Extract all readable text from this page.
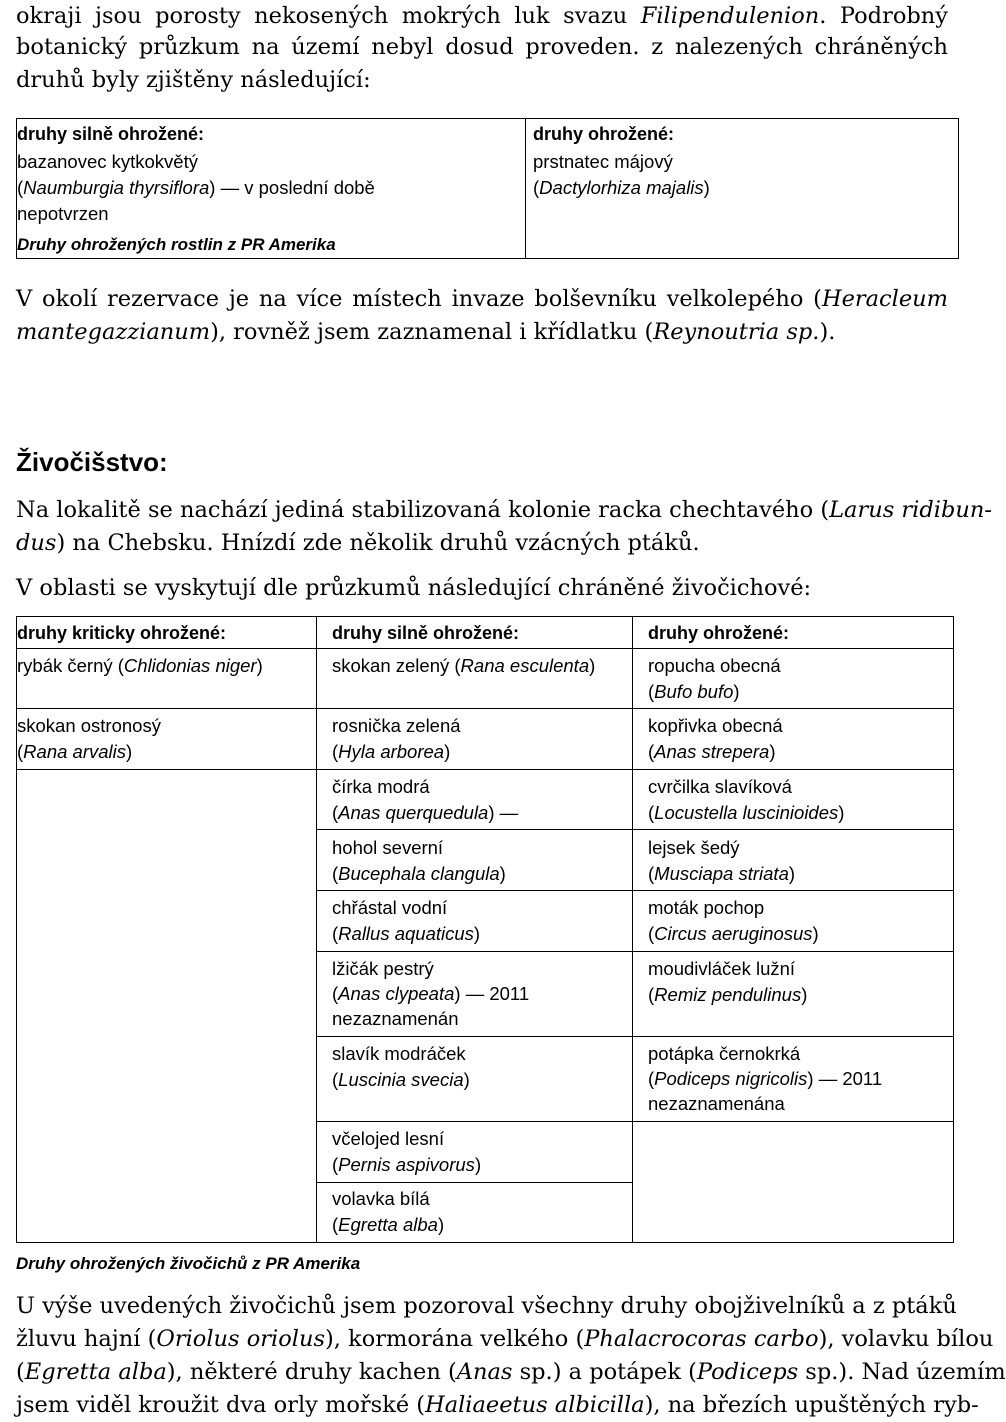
okraji jsou porosty nekosených mokrých luk svazu Filipendulenion. Podrobný
botanický průzkum na území nebyl dosud proveden. z nalezených chráněných
druhů byly zjištěny následující:
druhy silně ohrožené:
bazanovec kytkokvětý
(Naumburgia thyrsiflora) — v poslední době
nepotvrzen
Druhy ohrožených rostlin z PR Amerika
druhy ohrožené:
prstnatec májový
(Dactylorhiza majalis)
V okolí rezervace je na více místech invaze bolševníku velkolepého (Heracleum
mantegazzianum), rovněž jsem zaznamenal i křídlatku (Reynoutria sp.).
Živočišstvo:
Na lokalitě se nachází jediná stabilizovaná kolonie racka chechtavého (Larus ridibun-
dus) na Chebsku. Hnízdí zde několik druhů vzácných ptáků.
V oblasti se vyskytují dle průzkumů následující chráněné živočichové:
druhy kriticky ohrožené:	druhy silně ohrožené:	druhy ohrožené:
rybák černý (Chlidonias niger)
skokan ostronosý
(Rana arvalis)
skokan zelený (Rana esculenta)
rosnička zelená
(Hyla arborea)
čírka modrá
(Anas querquedula) —
hohol severní
(Bucephala clangula)
chřástal vodní
(Rallus aquaticus)
lžičák pestrý
(Anas clypeata) — 2011
nezaznamenán
slavík modráček
(Luscinia svecia)
včelojed lesní
(Pernis aspivorus)
volavka bílá
(Egretta alba)
ropucha obecná
(Bufo bufo)
kopřivka obecná
(Anas strepera)
cvrčilka slavíková
(Locustella luscinioides)
lejsek šedý
(Musciapa striata)
moták pochop
(Circus aeruginosus)
moudivláček lužní
(Remiz pendulinus)
potápka černokrká
(Podiceps nigricolis) — 2011
nezaznamenána
Druhy ohrožených živočichů z PR Amerika
U výše uvedených živočichů jsem pozoroval všechny druhy obojživelníků a z ptáků
žluvu hajní (Oriolus oriolus), kormorána velkého (Phalacrocoras carbo), volavku bílou
(Egretta alba), některé druhy kachen (Anas sp.) a potápek (Podiceps sp.). Nad územím
jsem viděl kroužit dva orly mořské (Haliaeetus albicilla), na březích upuštěných ryb-
